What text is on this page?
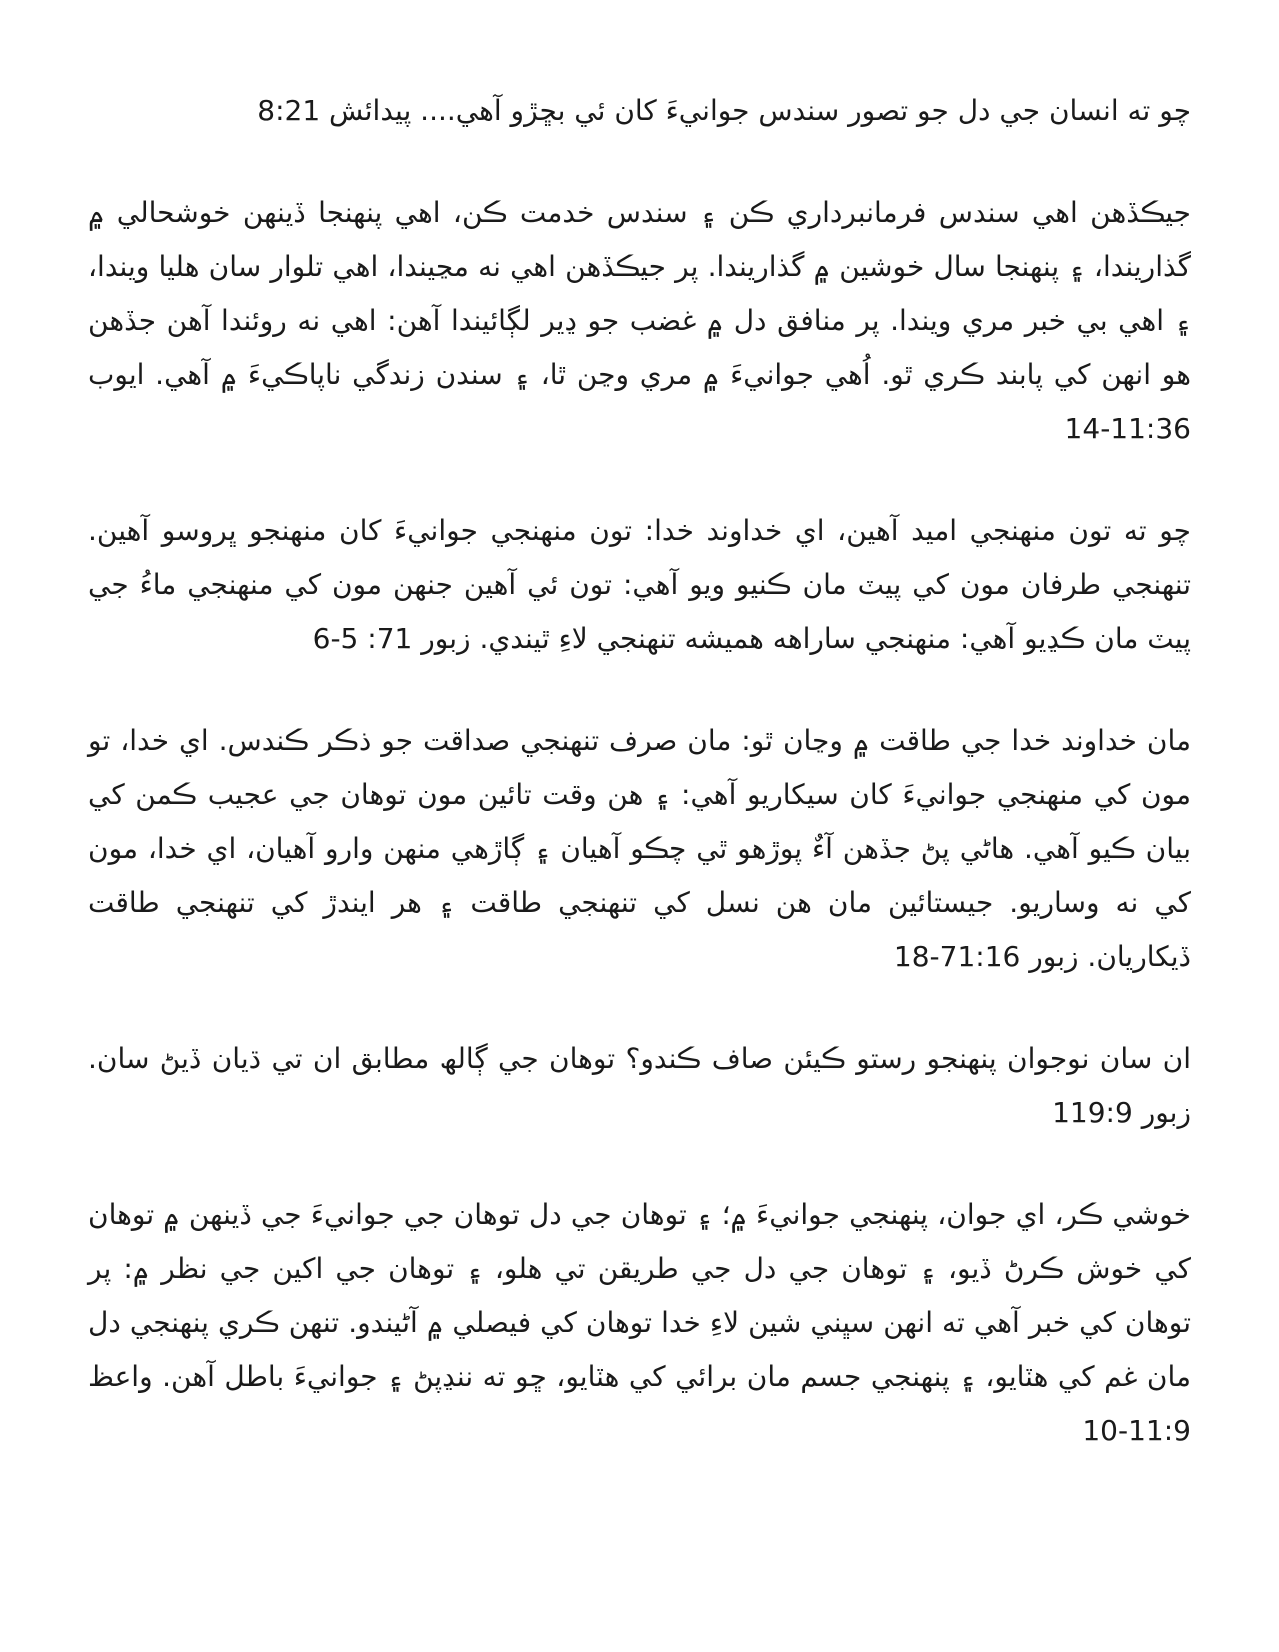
چو ته انسان جي دل جو تصور سندس جوانيءَ کان ئي بڇڙو آهي.... پيدائش 8:21

جيڪڏهن اهي سندس فرمانبرداري ڪن ۽ سندس خدمت ڪن، اهي پنهنجا ڏينهن خوشحالي ۾ گذاريندا، ۽ پنهنجا سال خوشين ۾ گذاريندا. پر جيڪڏهن اهي نه مڃيندا، اهي تلوار سان هليا ويندا، ۽ اهي بي خبر مري ويندا. پر منافق دل ۾ غضب جو ڍير لڳائيندا آهن: اهي نه روئندا آهن جڏهن هو انهن کي پابند ڪري ٿو. اُهي جوانيءَ ۾ مري وڃن ٿا، ۽ سندن زندگي ناپاڪيءَ ۾ آهي. ايوب 11:36-14

چو ته تون منهنجي اميد آهين، اي خداوند خدا: تون منهنجي جوانيءَ کان منهنجو ڀروسو آهين. تنهنجي طرفان مون کي پيٽ مان ڪنيو ويو آهي: تون ئي آهين جنهن مون کي منهنجي ماءُ جي پيٽ مان ڪڍيو آهي: منهنجي ساراهه هميشه تنهنجي لاءِ ٿيندي. زبور 71: 5-6

مان خداوند خدا جي طاقت ۾ وڃان ٿو: مان صرف تنهنجي صداقت جو ذڪر ڪندس. اي خدا، تو مون کي منهنجي جوانيءَ کان سيکاريو آهي: ۽ هن وقت تائين مون توهان جي عجيب ڪمن کي بيان ڪيو آهي. هاڻي پڻ جڏهن آءٌ پوڙهو ٿي چڪو آهيان ۽ ڳاڙهي منهن وارو آهيان، اي خدا، مون کي نه وساريو. جيستائين مان هن نسل کي تنهنجي طاقت ۽ هر ايندڙ کي تنهنجي طاقت ڏيکاريان. زبور 71:16-18

ان سان نوجوان پنهنجو رستو ڪيئن صاف ڪندو؟ توهان جي ڳالھ مطابق ان تي ڌيان ڏيڻ سان. زبور 119:9

خوشي ڪر، اي جوان، پنهنجي جوانيءَ ۾؛ ۽ توهان جي دل توهان جي جوانيءَ جي ڏينهن ۾ توهان کي خوش ڪرڻ ڏيو، ۽ توهان جي دل جي طريقن تي هلو، ۽ توهان جي اکين جي نظر ۾: پر توهان کي خبر آهي ته انهن سڀني شين لاءِ خدا توهان کي فيصلي ۾ آڻيندو. تنهن ڪري پنهنجي دل مان غم کي هٽايو، ۽ پنهنجي جسم مان برائي کي هٽايو، ڇو ته ننڍپڻ ۽ جوانيءَ باطل آهن. واعظ 11:9-10
